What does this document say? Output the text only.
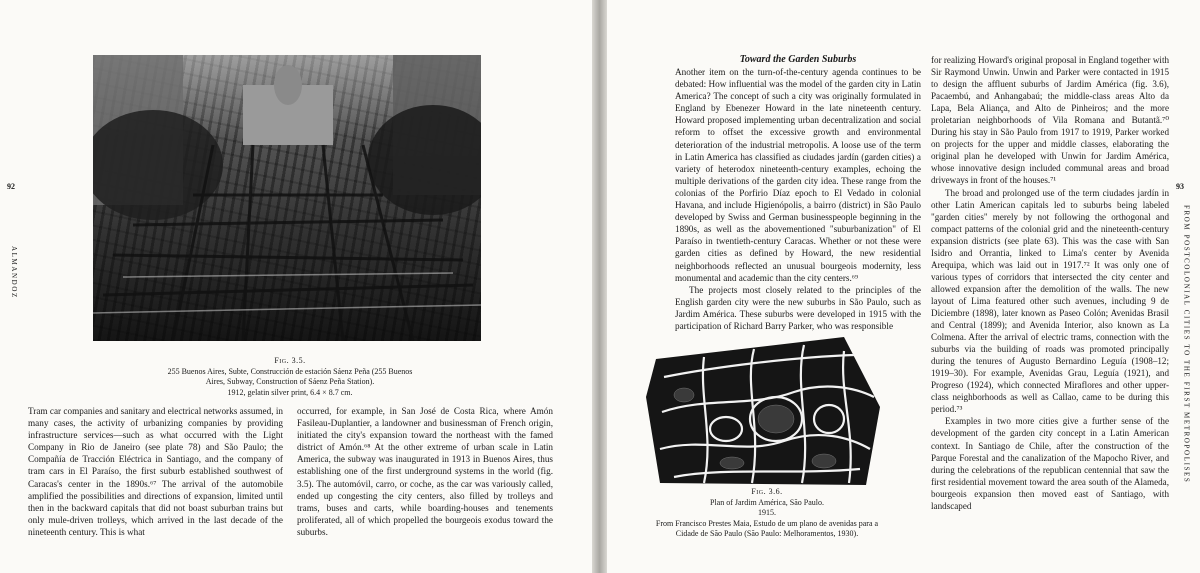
92
ALMANDOZ
Fig. 3.5.
255 Buenos Aires, Subte, Construcción de estación Sáenz Peña (255 Buenos
Aires, Subway, Construction of Sáenz Peña Station).
1912, gelatin silver print, 6.4 × 8.7 cm.

Tram car companies and sanitary and electrical networks assumed, in many cases, the activity of urbanizing companies by providing infrastructure services—such as what occurred with the Light Company in Rio de Janeiro (see plate 78) and São Paulo; the Compañía de Tracción Eléctrica in Santiago, and the company of tram cars in El Paraíso, the first suburb established southwest of Caracas's center in the 1890s.⁶⁷ The arrival of the automobile amplified the possibilities and directions of expansion, limited until then in the backward capitals that did not boast suburban trains but only mule-driven trolleys, which arrived in the last decade of the nineteenth century. This is what

occurred, for example, in San José de Costa Rica, where Amón Fasileau-Duplantier, a landowner and businessman of French origin, initiated the city's expansion toward the northeast with the famed district of Amón.⁶⁸ At the other extreme of urban scale in Latin America, the subway was inaugurated in 1913 in Buenos Aires, thus establishing one of the first underground systems in the world (fig. 3.5). The automóvil, carro, or coche, as the car was variously called, ended up congesting the city centers, also filled by trolleys and trams, buses and carts, while boarding-houses and tenements proliferated, all of which propelled the bourgeois exodus toward the suburbs.

93
FROM POSTCOLONIAL CITIES TO THE FIRST METROPOLISES
Toward the Garden Suburbs

Another item on the turn-of-the-century agenda continues to be debated: How influential was the model of the garden city in Latin America? The concept of such a city was originally formulated in England by Ebenezer Howard in the late nineteenth century. Howard proposed implementing urban decentralization and social reform to offset the excessive growth and environmental deterioration of the industrial metropolis. A loose use of the term in Latin America has classified as ciudades jardín (garden cities) a variety of heterodox nineteenth-century examples, echoing the multiple derivations of the garden city idea. These range from the colonias of the Porfirio Díaz epoch to El Vedado in colonial Havana, and include Higienópolis, a bairro (district) in São Paulo developed by Swiss and German businesspeople beginning in the 1890s, as well as the abovementioned "suburbanization" of El Paraíso in twentieth-century Caracas. Whether or not these were garden cities as defined by Howard, the new residential neighborhoods reflected an unusual bourgeois modernity, less monumental and academic than the city centers.⁶⁹

The projects most closely related to the principles of the English garden city were the new suburbs in São Paulo, such as Jardim América. These suburbs were developed in 1915 with the participation of Richard Barry Parker, who was responsible

Fig. 3.6.
Plan of Jardim América, São Paulo.
1915.
From Francisco Prestes Maia, Estudo de um plano de avenidas para a Cidade de São Paulo (São Paulo: Melhoramentos, 1930).

for realizing Howard's original proposal in England together with Sir Raymond Unwin. Unwin and Parker were contacted in 1915 to design the affluent suburbs of Jardim América (fig. 3.6), Pacaembú, and Anhangabaú; the middle-class areas Alto da Lapa, Bela Aliança, and Alto de Pinheiros; and the more proletarian neighborhoods of Vila Romana and Butantã.⁷⁰ During his stay in São Paulo from 1917 to 1919, Parker worked on projects for the upper and middle classes, elaborating the original plan he developed with Unwin for Jardim América, whose innovative design included communal areas and broad driveways in front of the houses.⁷¹

The broad and prolonged use of the term ciudades jardín in other Latin American capitals led to suburbs being labeled "garden cities" merely by not following the orthogonal and compact patterns of the colonial grid and the nineteenth-century expansion districts (see plate 63). This was the case with San Isidro and Orrantia, linked to Lima's center by Avenida Arequipa, which was laid out in 1917.⁷² It was only one of various types of corridors that intersected the city center and allowed expansion after the demolition of the walls. The new layout of Lima featured other such avenues, including 9 de Diciembre (1898), later known as Paseo Colón; Avenidas Brasil and Central (1899); and Avenida Interior, also known as La Colmena. After the arrival of electric trams, connection with the suburbs via the building of roads was promoted principally during the tenures of Augusto Bernardino Leguía (1908–12; 1919–30). For example, Avenidas Grau, Leguía (1921), and Progreso (1924), which connected Miraflores and other upper-class neighborhoods as well as Callao, came to be during this period.⁷³

Examples in two more cities give a further sense of the development of the garden city concept in a Latin American context. In Santiago de Chile, after the construction of the Parque Forestal and the canalization of the Mapocho River, and during the celebrations of the republican centennial that saw the first residential movement toward the area south of the Alameda, bourgeois expansion then moved east of Santiago, with landscaped
